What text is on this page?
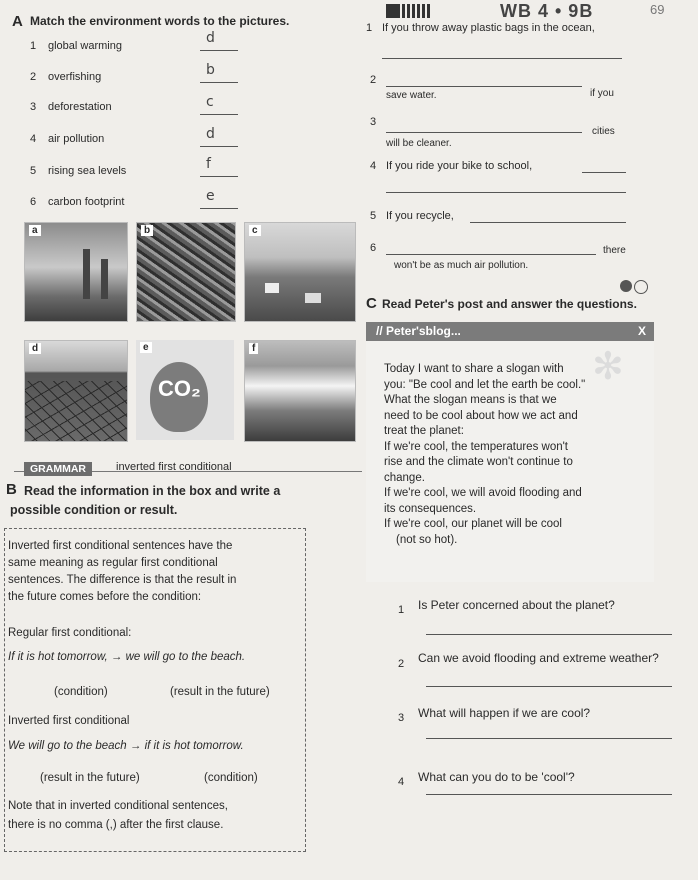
WB 4 • 9B	69
A Match the environment words to the pictures.
1 global warming	d
2 overfishing	b
3 deforestation	c
4 air pollution	d
5 rising sea levels	f
6 carbon footprint	e
a	b	c
d	e
CO₂
f
1 If you throw away plastic bags in the ocean,
2
if you
save water.
3
cities
will be cleaner.
4 If you ride your bike to school,
5 If you recycle,
6	there
won't be as much air pollution.
C Read Peter's post and answer the questions.
// Peter'sblog...	X
✻
Today I want to share a slogan with
you: "Be cool and let the earth be cool."
What the slogan means is that we
need to be cool about how we act and
treat the planet:
If we're cool, the temperatures won't
rise and the climate won't continue to
change.
If we're cool, we will avoid flooding and
its consequences.
If we're cool, our planet will be cool
(not so hot).
1 Is Peter concerned about the planet?
2 Can we avoid flooding and extreme weather?
3 What will happen if we are cool?
4 What can you do to be 'cool'?
GRAMMAR	inverted first conditional
B Read the information in the box and write a
possible condition or result.
Inverted first conditional sentences have the
same meaning as regular first conditional
sentences. The difference is that the result in
the future comes before the condition:
Regular first conditional:
If it is hot tomorrow, → we will go to the beach.
(condition)	(result in the future)
Inverted first conditional
We will go to the beach → if it is hot tomorrow.
(result in the future)	(condition)
Note that in inverted conditional sentences,
there is no comma (,) after the first clause.
